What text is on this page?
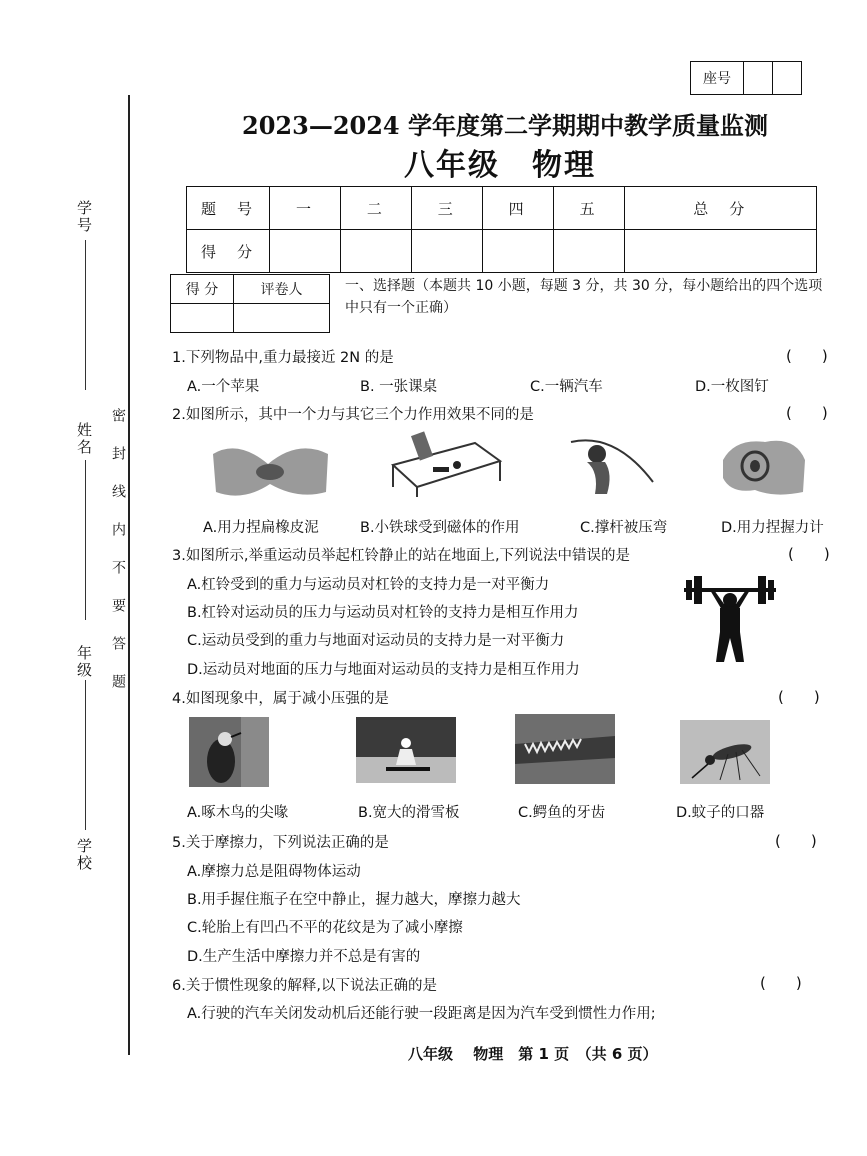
学号
姓名
年级
学校
密封线内不要答题
座号
2023—2024 学年度第二学期期中教学质量监测
八年级　物理
题　号	一	二	三	四	五	总　分
得　分						
得 分	评卷人
		一、选择题（本题共 10 小题，每题 3 分，共 30 分，每小题给出的四个选项中只有一个正确）
1.下列物品中,重力最接近 2N 的是	(　　)
A.一个苹果	B. 一张课桌	C.一辆汽车	D.一枚图钉
2.如图所示，其中一个力与其它三个力作用效果不同的是	(　　)
A.用力捏扁橡皮泥	B.小铁球受到磁体的作用	C.撑杆被压弯	D.用力捏握力计
3.如图所示,举重运动员举起杠铃静止的站在地面上,下列说法中错误的是	(　　)
A.杠铃受到的重力与运动员对杠铃的支持力是一对平衡力
B.杠铃对运动员的压力与运动员对杠铃的支持力是相互作用力
C.运动员受到的重力与地面对运动员的支持力是一对平衡力
D.运动员对地面的压力与地面对运动员的支持力是相互作用力
4.如图现象中，属于减小压强的是	(　　)
A.啄木鸟的尖喙	B.宽大的滑雪板	C.鳄鱼的牙齿	D.蚊子的口器
5.关于摩擦力，下列说法正确的是	(　　)
A.摩擦力总是阻碍物体运动
B.用手握住瓶子在空中静止，握力越大，摩擦力越大
C.轮胎上有凹凸不平的花纹是为了减小摩擦
D.生产生活中摩擦力并不总是有害的
6.关于惯性现象的解释,以下说法正确的是	(　　)
A.行驶的汽车关闭发动机后还能行驶一段距离是因为汽车受到惯性力作用;
八年级　 物理　第 1 页　（共 6 页）
